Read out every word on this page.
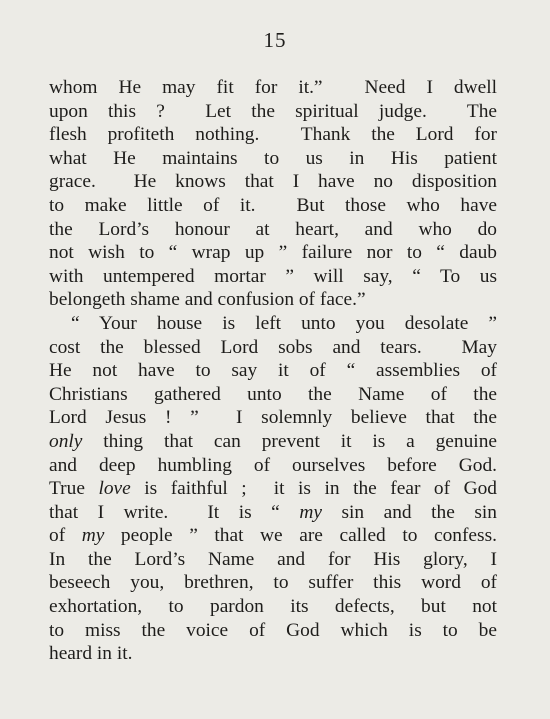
15
whom He may fit for it.”  Need I dwell
upon this ?  Let the spiritual judge.  The
flesh profiteth nothing.  Thank the Lord for
what He maintains to us in His patient
grace.  He knows that I have no disposition
to make little of it.  But those who have
the Lord’s honour at heart, and who do
not wish to “ wrap up ” failure nor to “ daub
with untempered mortar ” will say, “ To us
belongeth shame and confusion of face.”
“ Your house is left unto you desolate ”
cost the blessed Lord sobs and tears.  May
He not have to say it of “ assemblies of
Christians gathered unto the Name of the
Lord Jesus ! ”  I solemnly believe that the
only thing that can prevent it is a genuine
and deep humbling of ourselves before God.
True love is faithful ;  it is in the fear of God
that I write.  It is “ my sin and the sin
of my people ” that we are called to confess.
In the Lord’s Name and for His glory, I
beseech you, brethren, to suffer this word of
exhortation, to pardon its defects, but not
to miss the voice of God which is to be
heard in it.
